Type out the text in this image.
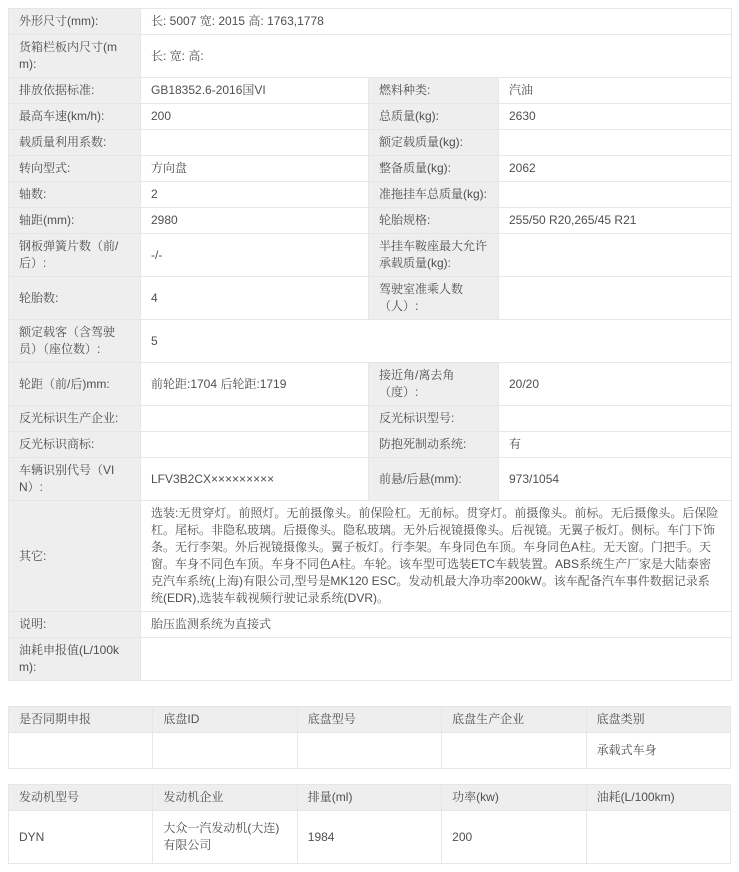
外形尺寸(mm):	长: 5007 宽: 2015 高: 1763,1778		
货箱栏板内尺寸(mm):	长: 宽: 高:		
排放依据标准:	GB18352.6-2016国VI	燃料种类:	汽油
最高车速(km/h):	200	总质量(kg):	2630
载质量利用系数:		额定载质量(kg):	
转向型式:	方向盘	整备质量(kg):	2062
轴数:	2	准拖挂车总质量(kg):	
轴距(mm):	2980	轮胎规格:	255/50 R20,265/45 R21
钢板弹簧片数（前/后）:	-/-	半挂车鞍座最大允许承载质量(kg):	
轮胎数:	4	驾驶室准乘人数（人）:	
额定载客（含驾驶员）（座位数）:	5		
轮距（前/后)mm:	前轮距:1704 后轮距:1719	接近角/离去角（度）:	20/20
反光标识生产企业:		反光标识型号:	
反光标识商标:		防抱死制动系统:	有
车辆识别代号（VIN）:	LFV3B2CX×××××××××	前悬/后悬(mm):	973/1054
其它:	选装:无贯穿灯。前照灯。无前摄像头。前保险杠。无前标。贯穿灯。前摄像头。前标。无后摄像头。后保险杠。尾标。非隐私玻璃。后摄像头。隐私玻璃。无外后视镜摄像头。后视镜。无翼子板灯。侧标。车门下饰条。无行李架。外后视镜摄像头。翼子板灯。行李架。车身同色车顶。车身同色A柱。无天窗。门把手。天窗。车身不同色车顶。车身不同色A柱。车轮。该车型可选装ETC车载装置。ABS系统生产厂家是大陆泰密克汽车系统(上海)有限公司,型号是MK120 ESC。发动机最大净功率200kW。该车配备汽车事件数据记录系统(EDR),选装车载视频行驶记录系统(DVR)。		
说明:	胎压监测系统为直接式		
油耗申报值(L/100km):			
是否同期申报	底盘ID	底盘型号	底盘生产企业	底盘类别
				承载式车身
发动机型号	发动机企业	排量(ml)	功率(kw)	油耗(L/100km)
DYN	大众一汽发动机(大连)有限公司	1984	200	
